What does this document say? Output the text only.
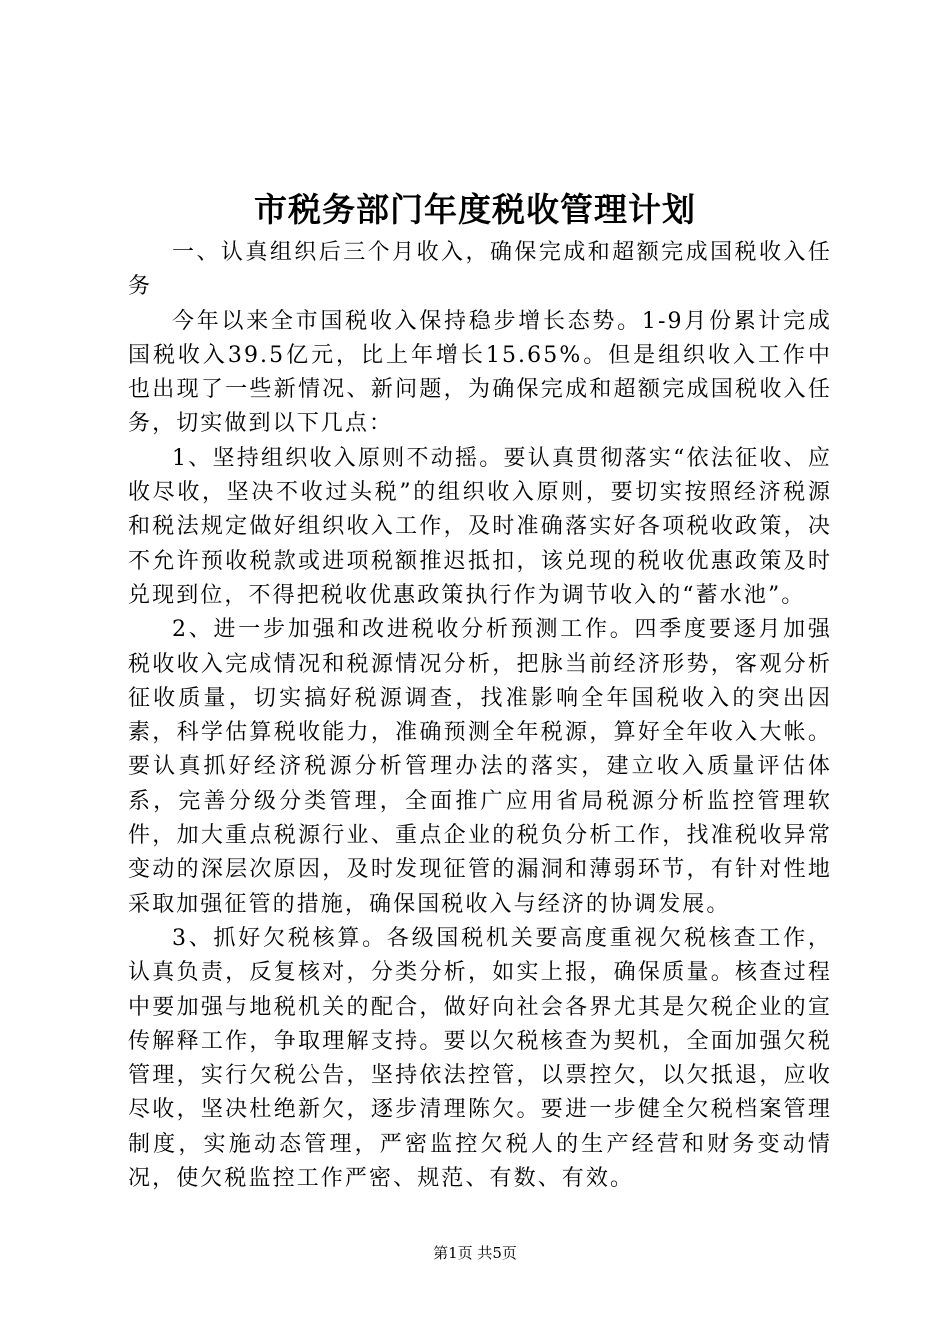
市税务部门年度税收管理计划

一、认真组织后三个月收入，确保完成和超额完成国税收入任务

今年以来全市国税收入保持稳步增长态势。1-9月份累计完成国税收入39.5亿元，比上年增长15.65%。但是组织收入工作中也出现了一些新情况、新问题，为确保完成和超额完成国税收入任务，切实做到以下几点：

1、坚持组织收入原则不动摇。要认真贯彻落实“依法征收、应收尽收，坚决不收过头税”的组织收入原则，要切实按照经济税源和税法规定做好组织收入工作，及时准确落实好各项税收政策，决不允许预收税款或进项税额推迟抵扣，该兑现的税收优惠政策及时兑现到位，不得把税收优惠政策执行作为调节收入的“蓄水池”。

2、进一步加强和改进税收分析预测工作。四季度要逐月加强税收收入完成情况和税源情况分析，把脉当前经济形势，客观分析征收质量，切实搞好税源调查，找准影响全年国税收入的突出因素，科学估算税收能力，准确预测全年税源，算好全年收入大帐。要认真抓好经济税源分析管理办法的落实，建立收入质量评估体系，完善分级分类管理，全面推广应用省局税源分析监控管理软件，加大重点税源行业、重点企业的税负分析工作，找准税收异常变动的深层次原因，及时发现征管的漏洞和薄弱环节，有针对性地采取加强征管的措施，确保国税收入与经济的协调发展。

3、抓好欠税核算。各级国税机关要高度重视欠税核查工作，认真负责，反复核对，分类分析，如实上报，确保质量。核查过程中要加强与地税机关的配合，做好向社会各界尤其是欠税企业的宣传解释工作，争取理解支持。要以欠税核查为契机，全面加强欠税管理，实行欠税公告，坚持依法控管，以票控欠，以欠抵退，应收尽收，坚决杜绝新欠，逐步清理陈欠。要进一步健全欠税档案管理制度，实施动态管理，严密监控欠税人的生产经营和财务变动情况，使欠税监控工作严密、规范、有数、有效。

第1页 共5页
